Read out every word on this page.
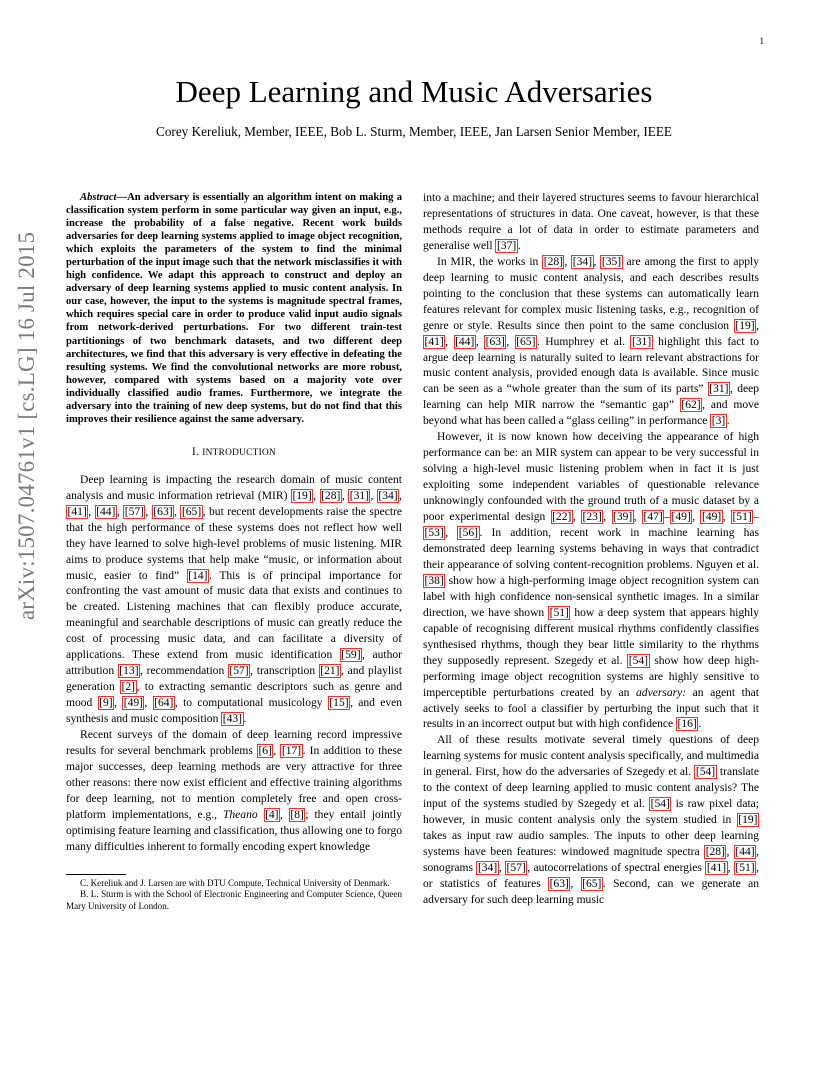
1
arXiv:1507.04761v1 [cs.LG] 16 Jul 2015
Deep Learning and Music Adversaries
Corey Kereliuk, Member, IEEE, Bob L. Sturm, Member, IEEE, Jan Larsen Senior Member, IEEE

Abstract—An adversary is essentially an algorithm intent on making a classification system perform in some particular way given an input, e.g., increase the probability of a false negative. Recent work builds adversaries for deep learning systems applied to image object recognition, which exploits the parameters of the system to find the minimal perturbation of the input image such that the network misclassifies it with high confidence. We adapt this approach to construct and deploy an adversary of deep learning systems applied to music content analysis. In our case, however, the input to the systems is magnitude spectral frames, which requires special care in order to produce valid input audio signals from network-derived perturbations. For two different train-test partitionings of two benchmark datasets, and two different deep architectures, we find that this adversary is very effective in defeating the resulting systems. We find the convolutional networks are more robust, however, compared with systems based on a majority vote over individually classified audio frames. Furthermore, we integrate the adversary into the training of new deep systems, but do not find that this improves their resilience against the same adversary.

I. INTRODUCTION

Deep learning is impacting the research domain of music content analysis and music information retrieval (MIR) [19] , [28] , [31] , [34] , [41] , [44] , [57] , [63] , [65] , but recent developments raise the spectre that the high performance of these systems does not reflect how well they have learned to solve high-level problems of music listening. MIR aims to produce systems that help make “music, or information about music, easier to find” [14] . This is of principal importance for confronting the vast amount of music data that exists and continues to be created. Listening machines that can flexibly produce accurate, meaningful and searchable descriptions of music can greatly reduce the cost of processing music data, and can facilitate a diversity of applications. These extend from music identification [59] , author attribution [13] , recommendation [57] , transcription [21] , and playlist generation [2] , to extracting semantic descriptors such as genre and mood [9] , [49] , [64] , to computational musicology [15] , and even synthesis and music composition [43] .

Recent surveys of the domain of deep learning record impressive results for several benchmark problems [6] , [17] . In addition to these major successes, deep learning methods are very attractive for three other reasons: there now exist efficient and effective training algorithms for deep learning, not to mention completely free and open cross-platform implementations, e.g., Theano [4] , [8] ; they entail jointly optimising feature learning and classification, thus allowing one to forgo many difficulties inherent to formally encoding expert knowledge

C. Kereliuk and J. Larsen are with DTU Compute, Technical University of Denmark.

B. L. Sturm is with the School of Electronic Engineering and Computer Science, Queen Mary University of London.

into a machine; and their layered structures seems to favour hierarchical representations of structures in data. One caveat, however, is that these methods require a lot of data in order to estimate parameters and generalise well [37] .

In MIR, the works in [28] , [34] , [35] are among the first to apply deep learning to music content analysis, and each describes results pointing to the conclusion that these systems can automatically learn features relevant for complex music listening tasks, e.g., recognition of genre or style. Results since then point to the same conclusion [19] , [41] , [44] , [63] , [65] . Humphrey et al. [31] highlight this fact to argue deep learning is naturally suited to learn relevant abstractions for music content analysis, provided enough data is available. Since music can be seen as a “whole greater than the sum of its parts” [31] , deep learning can help MIR narrow the “semantic gap” [62] , and move beyond what has been called a “glass ceiling” in performance [3] .

However, it is now known how deceiving the appearance of high performance can be: an MIR system can appear to be very successful in solving a high-level music listening problem when in fact it is just exploiting some independent variables of questionable relevance unknowingly confounded with the ground truth of a music dataset by a poor experimental design [22] , [23] , [39] , [47] – [49] , [49] , [51] –[53] , [56] . In addition, recent work in machine learning has demonstrated deep learning systems behaving in ways that contradict their appearance of solving content-recognition problems. Nguyen et al. [38] show how a high-performing image object recognition system can label with high confidence non-sensical synthetic images. In a similar direction, we have shown [51] how a deep system that appears highly capable of recognising different musical rhythms confidently classifies synthesised rhythms, though they bear little similarity to the rhythms they supposedly represent. Szegedy et al. [54] show how deep high-performing image object recognition systems are highly sensitive to imperceptible perturbations created by an adversary: an agent that actively seeks to fool a classifier by perturbing the input such that it results in an incorrect output but with high confidence [16] .

All of these results motivate several timely questions of deep learning systems for music content analysis specifically, and multimedia in general. First, how do the adversaries of Szegedy et al. [54] translate to the context of deep learning applied to music content analysis? The input of the systems studied by Szegedy et al. [54] is raw pixel data; however, in music content analysis only the system studied in [19] takes as input raw audio samples. The inputs to other deep learning systems have been features: windowed magnitude spectra [28] , [44] , sonograms [34] , [57] , autocorrelations of spectral energies [41] , [51] , or statistics of features [63] , [65] . Second, can we generate an adversary for such deep learning music
